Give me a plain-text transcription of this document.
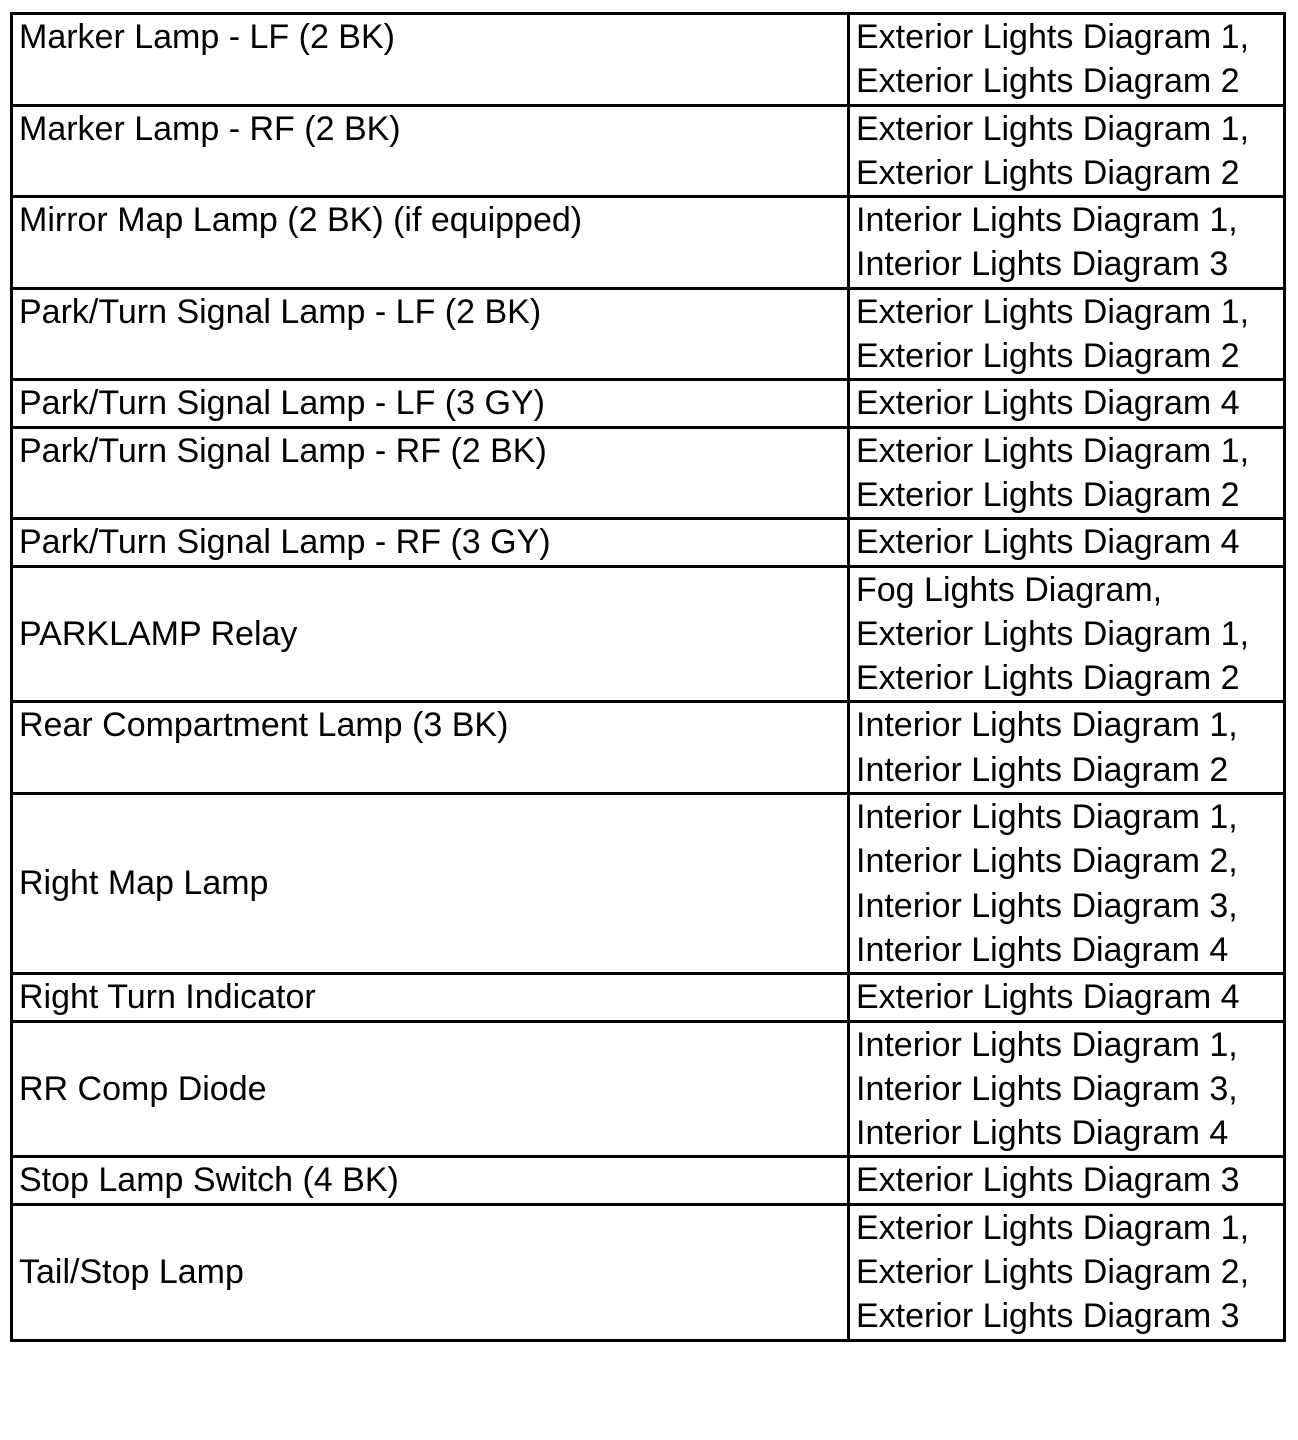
Marker Lamp - LF (2 BK)	Exterior Lights Diagram 1,
Exterior Lights Diagram 2

Marker Lamp - RF (2 BK)	Exterior Lights Diagram 1,
Exterior Lights Diagram 2

Mirror Map Lamp (2 BK) (if equipped)	Interior Lights Diagram 1,
Interior Lights Diagram 3

Park/Turn Signal Lamp - LF (2 BK)	Exterior Lights Diagram 1,
Exterior Lights Diagram 2

Park/Turn Signal Lamp - LF (3 GY)	Exterior Lights Diagram 4

Park/Turn Signal Lamp - RF (2 BK)	Exterior Lights Diagram 1,
Exterior Lights Diagram 2

Park/Turn Signal Lamp - RF (3 GY)	Exterior Lights Diagram 4

PARKLAMP Relay	Fog Lights Diagram,
Exterior Lights Diagram 1,
Exterior Lights Diagram 2

Rear Compartment Lamp (3 BK)	Interior Lights Diagram 1,
Interior Lights Diagram 2

Right Map Lamp	Interior Lights Diagram 1,
Interior Lights Diagram 2,
Interior Lights Diagram 3,
Interior Lights Diagram 4

Right Turn Indicator	Exterior Lights Diagram 4

RR Comp Diode	Interior Lights Diagram 1,
Interior Lights Diagram 3,
Interior Lights Diagram 4

Stop Lamp Switch (4 BK)	Exterior Lights Diagram 3

Tail/Stop Lamp	Exterior Lights Diagram 1,
Exterior Lights Diagram 2,
Exterior Lights Diagram 3
